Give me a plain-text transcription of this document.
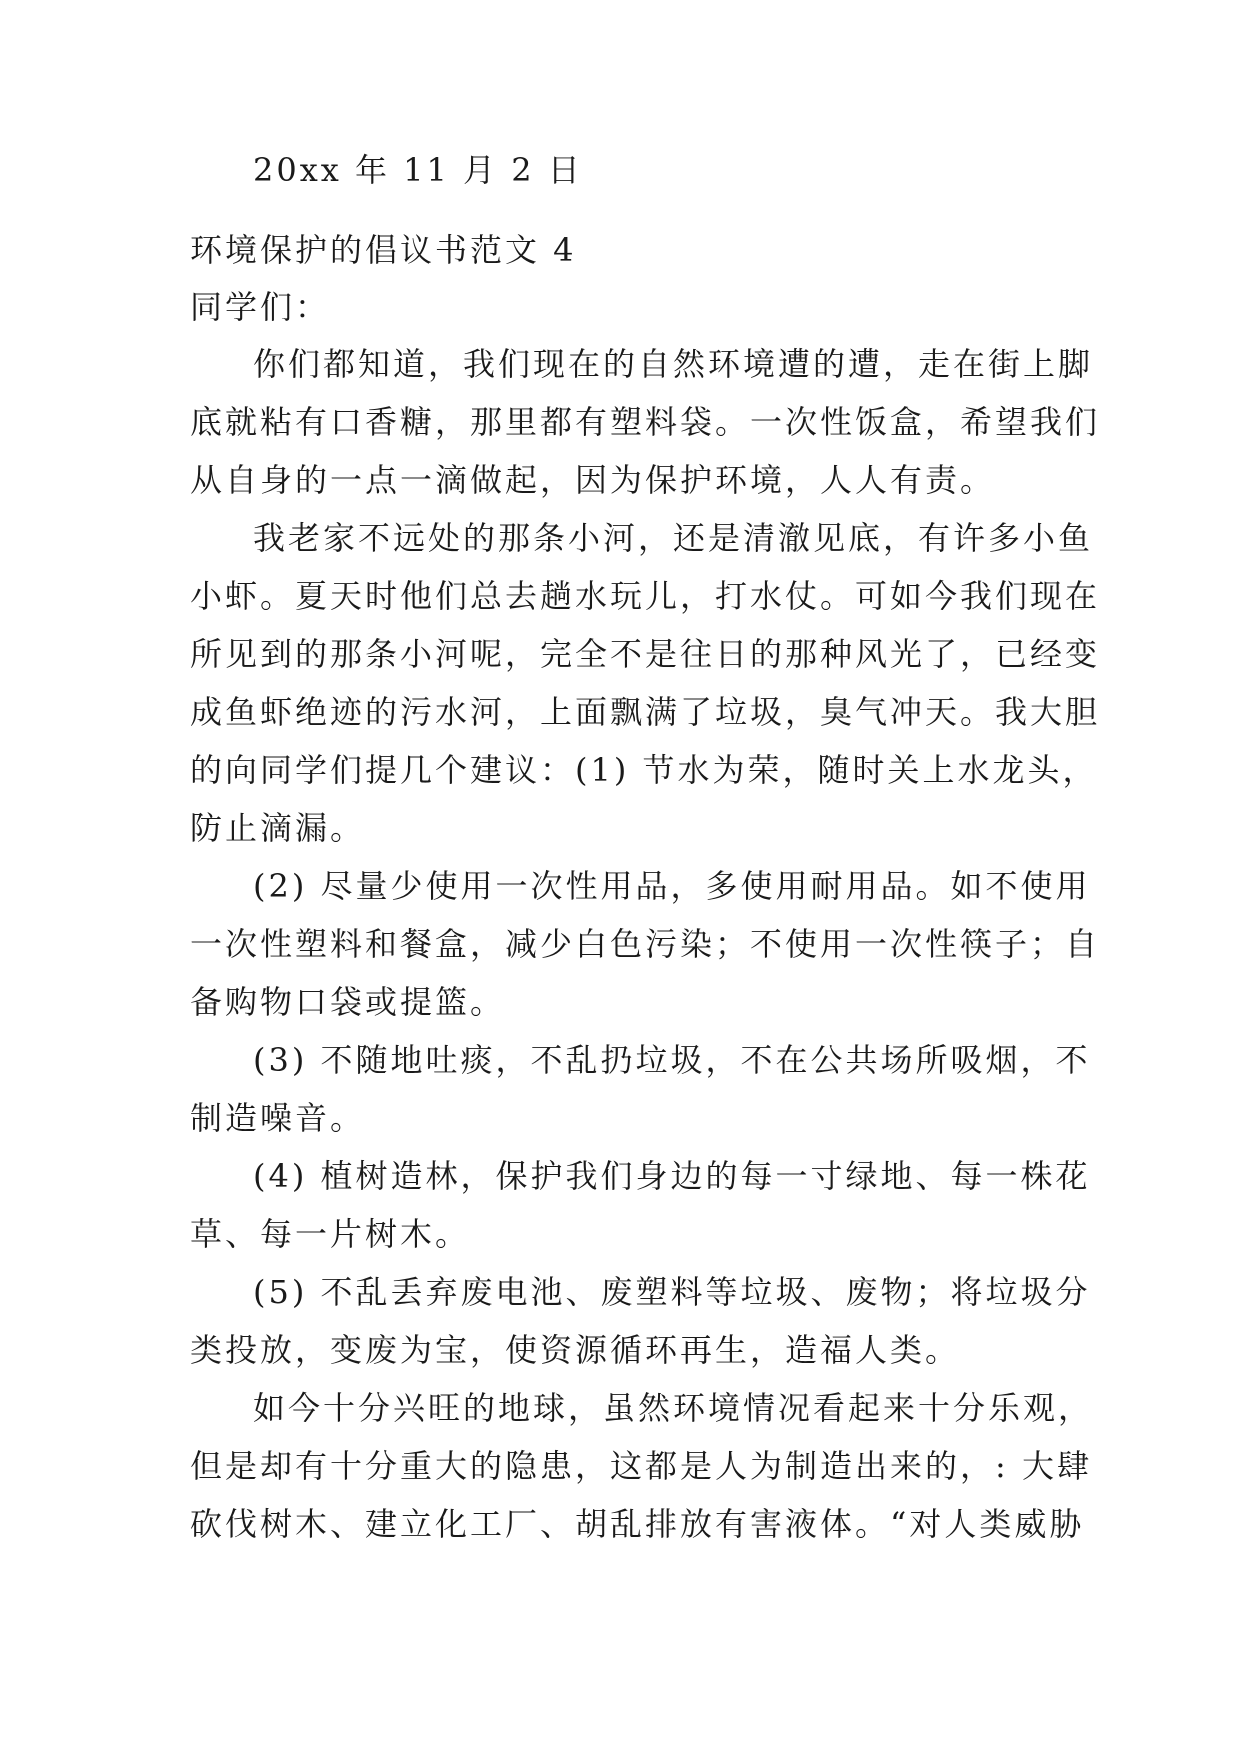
20xx 年 11 月 2 日
环境保护的倡议书范文 4
同学们：
你们都知道，我们现在的自然环境遭的遭，走在街上脚
底就粘有口香糖，那里都有塑料袋。一次性饭盒，希望我们
从自身的一点一滴做起，因为保护环境，人人有责。
我老家不远处的那条小河，还是清澈见底，有许多小鱼
小虾。夏天时他们总去趟水玩儿，打水仗。可如今我们现在
所见到的那条小河呢，完全不是往日的那种风光了，已经变
成鱼虾绝迹的污水河，上面飘满了垃圾，臭气冲天。我大胆
的向同学们提几个建议：(1) 节水为荣，随时关上水龙头，
防止滴漏。
(2) 尽量少使用一次性用品，多使用耐用品。如不使用
一次性塑料和餐盒，减少白色污染；不使用一次性筷子；自
备购物口袋或提篮。
(3) 不随地吐痰，不乱扔垃圾，不在公共场所吸烟，不
制造噪音。
(4) 植树造林，保护我们身边的每一寸绿地、每一株花
草、每一片树木。
(5) 不乱丢弃废电池、废塑料等垃圾、废物；将垃圾分
类投放，变废为宝，使资源循环再生，造福人类。
如今十分兴旺的地球，虽然环境情况看起来十分乐观，
但是却有十分重大的隐患，这都是人为制造出来的，: 大肆
砍伐树木、建立化工厂、胡乱排放有害液体。“对人类威胁
